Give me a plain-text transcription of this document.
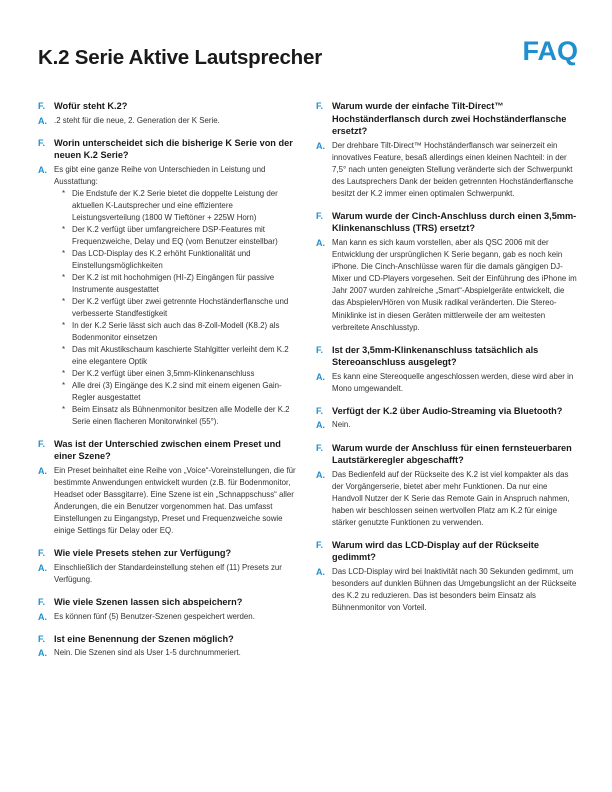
K.2 Serie Aktive Lautsprecher	FAQ
F. Wofür steht K.2?
A. .2 steht für die neue, 2. Generation der K Serie.
F. Worin unterscheidet sich die bisherige K Serie von der neuen K.2 Serie?
A. Es gibt eine ganze Reihe von Unterschieden in Leistung und Ausstattung:
* Die Endstufe der K.2 Serie bietet die doppelte Leistung der aktuellen K-Lautsprecher und eine effizientere Leistungsverteilung (1800 W Tieftöner + 225W Horn)
* Der K.2 verfügt über umfangreichere DSP-Features mit Frequenzweiche, Delay und EQ (vom Benutzer einstellbar)
* Das LCD-Display des K.2 erhöht Funktionalität und Einstellungsmöglichkeiten
* Der K.2 ist mit hochohmigen (HI-Z) Eingängen für passive Instrumente ausgestattet
* Der K.2 verfügt über zwei getrennte Hochständerflansche und verbesserte Standfestigkeit
* In der K.2 Serie lässt sich auch das 8-Zoll-Modell (K8.2) als Bodenmonitor einsetzen
* Das mit Akustikschaum kaschierte Stahlgitter verleiht dem K.2 eine elegantere Optik
* Der K.2 verfügt über einen 3,5mm-Klinkenanschluss
* Alle drei (3) Eingänge des K.2 sind mit einem eigenen Gain-Regler ausgestattet
* Beim Einsatz als Bühnenmonitor besitzen alle Modelle der K.2 Serie einen flacheren Monitorwinkel (55°).
F. Was ist der Unterschied zwischen einem Preset und einer Szene?
A. Ein Preset beinhaltet eine Reihe von „Voice“-Voreinstellungen, die für bestimmte Anwendungen entwickelt wurden (z.B. für Bodenmonitor, Headset oder Bassgitarre). Eine Szene ist ein „Schnappschuss“ aller Änderungen, die ein Benutzer vorgenommen hat. Das umfasst Einstellungen zu Eingangstyp, Preset und Frequenzweiche sowie einige Settings für Delay oder EQ.
F. Wie viele Presets stehen zur Verfügung?
A. Einschließlich der Standardeinstellung stehen elf (11) Presets zur Verfügung.
F. Wie viele Szenen lassen sich abspeichern?
A. Es können fünf (5) Benutzer-Szenen gespeichert werden.
F. Ist eine Benennung der Szenen möglich?
A. Nein. Die Szenen sind als User 1-5 durchnummeriert.
F. Warum wurde der einfache Tilt-Direct™ Hochständerflansch durch zwei Hochständerflansche ersetzt?
A. Der drehbare Tilt-Direct™ Hochständerflansch war seinerzeit ein innovatives Feature, besaß allerdings einen kleinen Nachteil: in der 7,5° nach unten geneigten Stellung veränderte sich der Schwerpunkt des Lautsprechers Dank der beiden getrennten Hochständerflansche besitzt der K.2 immer einen optimalen Schwerpunkt.
F. Warum wurde der Cinch-Anschluss durch einen 3,5mm-Klinkenanschluss (TRS) ersetzt?
A. Man kann es sich kaum vorstellen, aber als QSC 2006 mit der Entwicklung der ursprünglichen K Serie begann, gab es noch kein iPhone. Die Cinch-Anschlüsse waren für die damals gängigen DJ-Mixer und CD-Players vorgesehen. Seit der Einführung des iPhone im Jahr 2007 wurden zahlreiche „Smart“-Abspielgeräte entwickelt, die das Abspielen/Hören von Musik radikal veränderten. Die Stereo-Miniklinke ist in diesen Geräten mittlerweile der am weitesten verbreitete Anschlusstyp.
F. Ist der 3,5mm-Klinkenanschluss tatsächlich als Stereoanschluss ausgelegt?
A. Es kann eine Stereoquelle angeschlossen werden, diese wird aber in Mono umgewandelt.
F. Verfügt der K.2 über Audio-Streaming via Bluetooth?
A. Nein.
F. Warum wurde der Anschluss für einen fernsteuerbaren Lautstärkeregler abgeschafft?
A. Das Bedienfeld auf der Rückseite des K.2 ist viel kompakter als das der Vorgängerserie, bietet aber mehr Funktionen. Da nur eine Handvoll Nutzer der K Serie das Remote Gain in Anspruch nahmen, haben wir beschlossen seinen wertvollen Platz am K.2 für einige stärker genutzte Funktionen zu verwenden.
F. Warum wird das LCD-Display auf der Rückseite gedimmt?
A. Das LCD-Display wird bei Inaktivität nach 30 Sekunden gedimmt, um besonders auf dunklen Bühnen das Umgebungslicht an der Rückseite des K.2 zu reduzieren. Das ist besonders beim Einsatz als Bühnenmonitor von Vorteil.
